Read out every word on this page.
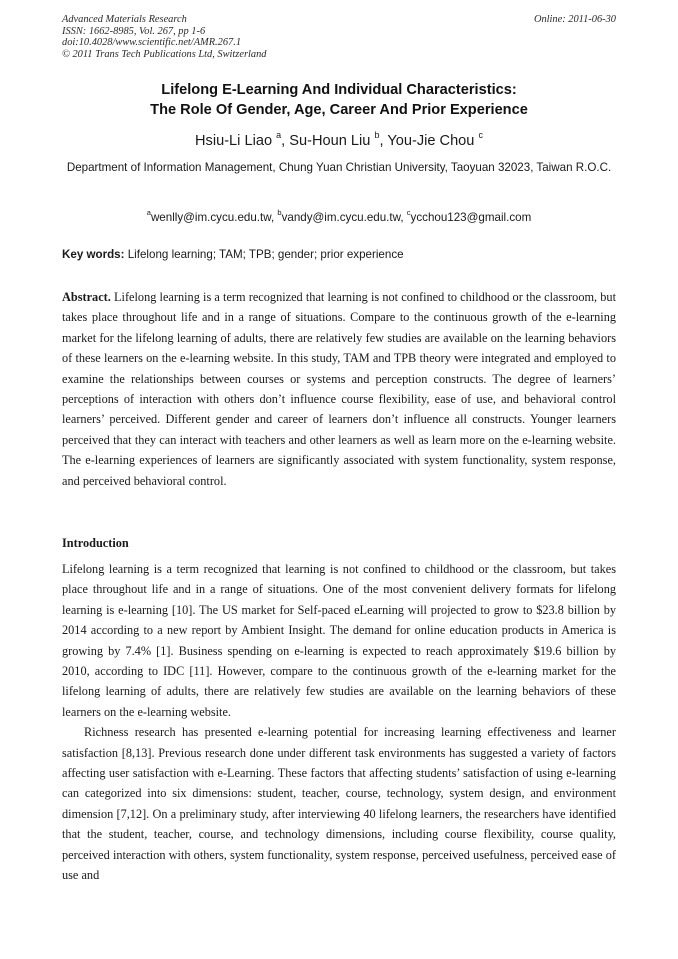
Advanced Materials Research
ISSN: 1662-8985, Vol. 267, pp 1-6
doi:10.4028/www.scientific.net/AMR.267.1
© 2011 Trans Tech Publications Ltd, Switzerland
Online: 2011-06-30
Lifelong E-Learning And Individual Characteristics:
The Role Of Gender, Age, Career And Prior Experience
Hsiu-Li Liao $^a$, Su-Houn Liu $^b$, You-Jie Chou $^c$
Department of Information Management, Chung Yuan Christian University, Taoyuan 32023, Taiwan R.O.C.
$^a$wenlly@im.cycu.edu.tw, $^b$vandy@im.cycu.edu.tw, $^c$ycchou123@gmail.com
Key words: Lifelong learning; TAM; TPB; gender; prior experience
Abstract. Lifelong learning is a term recognized that learning is not confined to childhood or the classroom, but takes place throughout life and in a range of situations. Compare to the continuous growth of the e-learning market for the lifelong learning of adults, there are relatively few studies are available on the learning behaviors of these learners on the e-learning website. In this study, TAM and TPB theory were integrated and employed to examine the relationships between courses or systems and perception constructs. The degree of learners’ perceptions of interaction with others don’t influence course flexibility, ease of use, and behavioral control learners’ perceived. Different gender and career of learners don’t influence all constructs. Younger learners perceived that they can interact with teachers and other learners as well as learn more on the e-learning website. The e-learning experiences of learners are significantly associated with system functionality, system response, and perceived behavioral control.
Introduction

Lifelong learning is a term recognized that learning is not confined to childhood or the classroom, but takes place throughout life and in a range of situations. One of the most convenient delivery formats for lifelong learning is e-learning [10]. The US market for Self-paced eLearning will projected to grow to $23.8 billion by 2014 according to a new report by Ambient Insight. The demand for online education products in America is growing by 7.4% [1]. Business spending on e-learning is expected to reach approximately $19.6 billion by 2010, according to IDC [11]. However, compare to the continuous growth of the e-learning market for the lifelong learning of adults, there are relatively few studies are available on the learning behaviors of these learners on the e-learning website.

Richness research has presented e-learning potential for increasing learning effectiveness and learner satisfaction [8,13]. Previous research done under different task environments has suggested a variety of factors affecting user satisfaction with e-Learning. These factors that affecting students’ satisfaction of using e-learning can categorized into six dimensions: student, teacher, course, technology, system design, and environment dimension [7,12]. On a preliminary study, after interviewing 40 lifelong learners, the researchers have identified that the student, teacher, course, and technology dimensions, including course flexibility, course quality, perceived interaction with others, system functionality, system response, perceived usefulness, perceived ease of use and
